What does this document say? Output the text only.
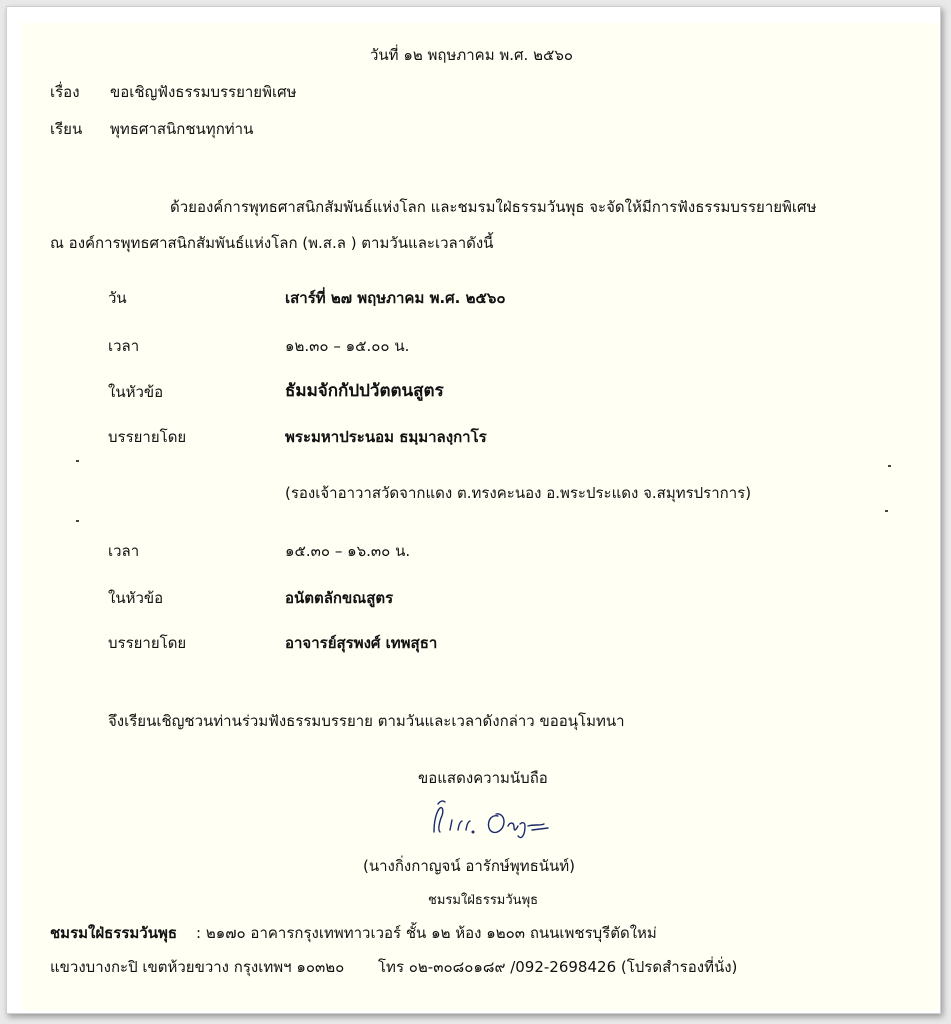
วันที่ ๑๒ พฤษภาคม พ.ศ. ๒๕๖๐
เรื่อง ขอเชิญฟังธรรมบรรยายพิเศษ
เรียน พุทธศาสนิกชนทุกท่าน
ด้วยองค์การพุทธศาสนิกสัมพันธ์แห่งโลก และชมรมใฝ่ธรรมวันพุธ จะจัดให้มีการฟังธรรมบรรยายพิเศษ
ณ องค์การพุทธศาสนิกสัมพันธ์แห่งโลก (พ.ส.ล ) ตามวันและเวลาดังนี้
วัน	เสาร์ที่ ๒๗ พฤษภาคม พ.ศ. ๒๕๖๐
เวลา	๑๒.๓๐ – ๑๕.๐๐ น.
ในหัวข้อ	ธัมมจักกัปปวัตตนสูตร
บรรยายโดย	พระมหาประนอม ธมฺมาลงฺกาโร
(รองเจ้าอาวาสวัดจากแดง ต.ทรงคะนอง อ.พระประแดง จ.สมุทรปราการ)
เวลา	๑๕.๓๐ – ๑๖.๓๐ น.
ในหัวข้อ	อนัตตลักขณสูตร
บรรยายโดย	อาจารย์สุรพงศ์ เทพสุธา
จึงเรียนเชิญชวนท่านร่วมฟังธรรมบรรยาย ตามวันและเวลาดังกล่าว ขออนุโมทนา
ขอแสดงความนับถือ
(นางกิ่งกาญจน์ อารักษ์พุทธนันท์)
ชมรมใฝ่ธรรมวันพุธ
ชมรมใฝ่ธรรมวันพุธ : ๒๑๗๐ อาคารกรุงเทพทาวเวอร์ ชั้น ๑๒ ห้อง ๑๒๐๓ ถนนเพชรบุรีตัดใหม่
แขวงบางกะปิ เขตห้วยขวาง กรุงเทพฯ ๑๐๓๒๐ โทร ๐๒-๓๐๘๐๑๘๙ /092-2698426 (โปรดสำรองที่นั่ง)
